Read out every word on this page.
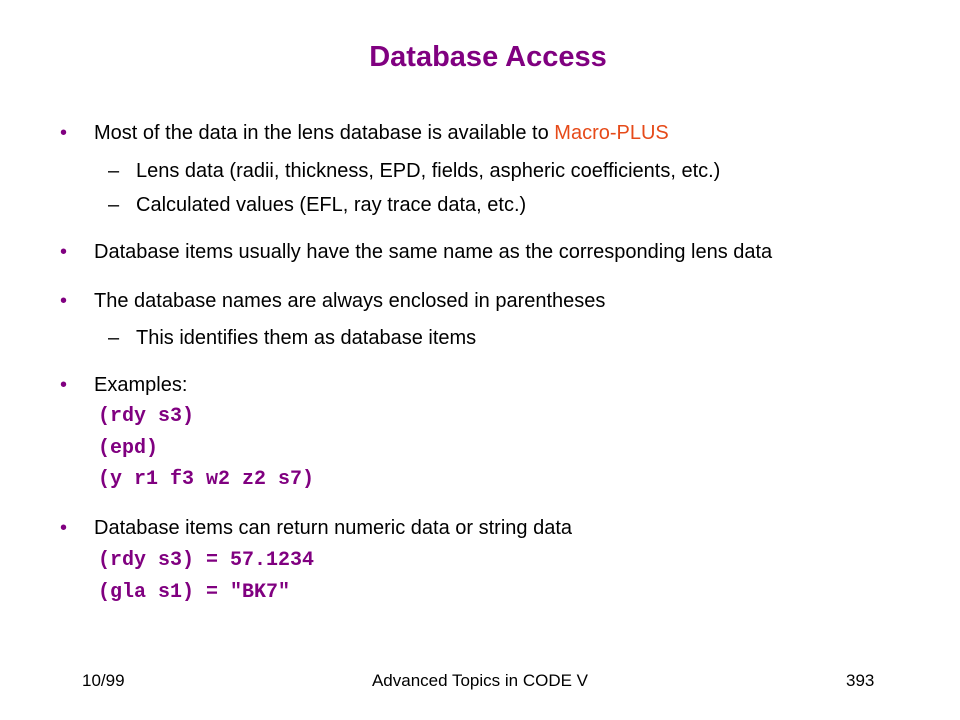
Database Access
• Most of the data in the lens database is available to Macro-PLUS
– Lens data (radii, thickness, EPD, fields, aspheric coefficients, etc.)
– Calculated values (EFL, ray trace data, etc.)
• Database items usually have the same name as the corresponding lens data
• The database names are always enclosed in parentheses
– This identifies them as database items
• Examples:
(rdy s3)
(epd)
(y r1 f3 w2 z2 s7)
• Database items can return numeric data or string data
(rdy s3) = 57.1234
(gla s1) = "BK7"
10/99	Advanced Topics in CODE V	393
